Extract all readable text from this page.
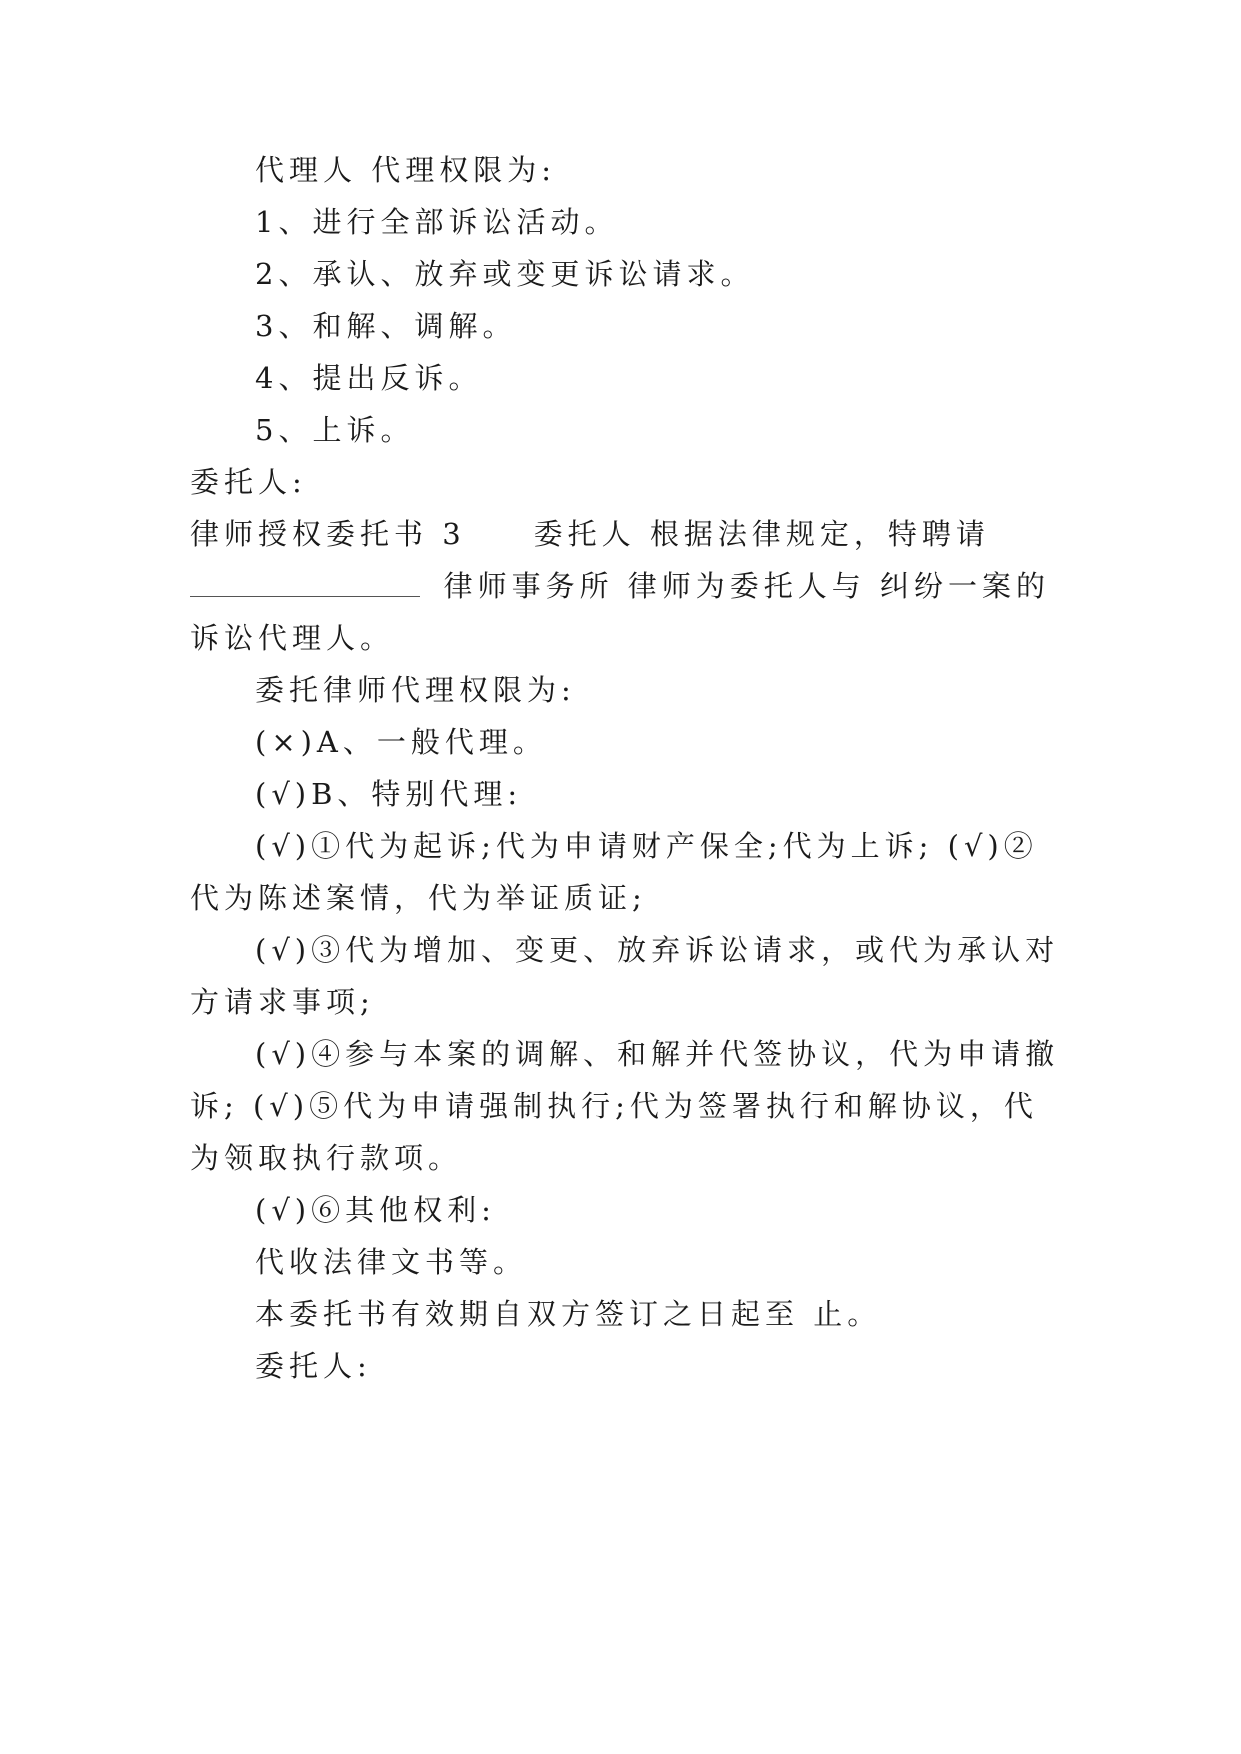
代理人 代理权限为:
1、进行全部诉讼活动。
2、承认、放弃或变更诉讼请求。
3、和解、调解。
4、提出反诉。
5、上诉。
委托人:
律师授权委托书 3　　委托人 根据法律规定，特聘请
律师事务所 律师为委托人与 纠纷一案的
诉讼代理人。
委托律师代理权限为:
(×)A、一般代理。
(√)B、特别代理:
(√)①代为起诉;代为申请财产保全;代为上诉; (√)②
代为陈述案情，代为举证质证;
(√)③代为增加、变更、放弃诉讼请求，或代为承认对
方请求事项;
(√)④参与本案的调解、和解并代签协议，代为申请撤
诉; (√)⑤代为申请强制执行;代为签署执行和解协议，代
为领取执行款项。
(√)⑥其他权利:
代收法律文书等。
本委托书有效期自双方签订之日起至 止。
委托人:
